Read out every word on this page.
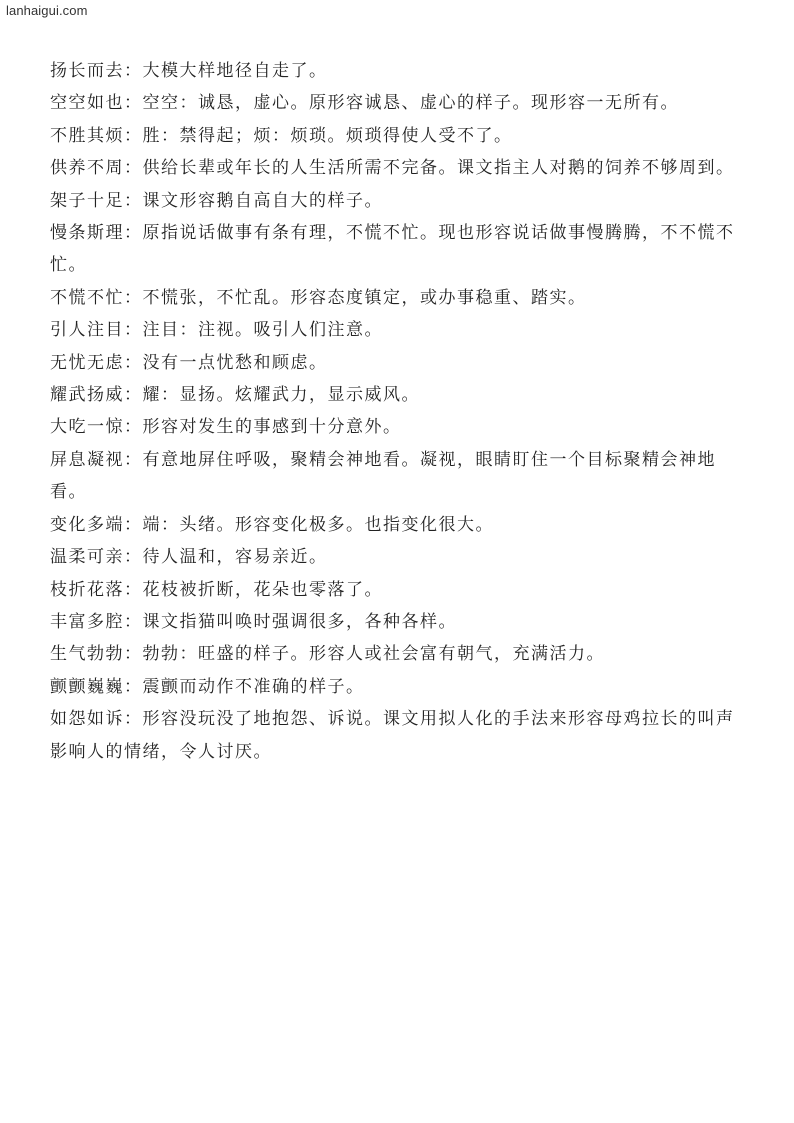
lanhaigui.com
扬长而去：大模大样地径自走了。
空空如也：空空：诚恳，虚心。原形容诚恳、虚心的样子。现形容一无所有。
不胜其烦：胜：禁得起；烦：烦琐。烦琐得使人受不了。
供养不周：供给长辈或年长的人生活所需不完备。课文指主人对鹅的饲养不够周到。
架子十足：课文形容鹅自高自大的样子。
慢条斯理：原指说话做事有条有理，不慌不忙。现也形容说话做事慢腾腾，不不慌不忙。
不慌不忙：不慌张，不忙乱。形容态度镇定，或办事稳重、踏实。
引人注目：注目：注视。吸引人们注意。
无忧无虑：没有一点忧愁和顾虑。
耀武扬威：耀：显扬。炫耀武力，显示威风。
大吃一惊：形容对发生的事感到十分意外。
屏息凝视：有意地屏住呼吸，聚精会神地看。凝视，眼睛盯住一个目标聚精会神地看。
变化多端：端：头绪。形容变化极多。也指变化很大。
温柔可亲：待人温和，容易亲近。
枝折花落：花枝被折断，花朵也零落了。
丰富多腔：课文指猫叫唤时强调很多，各种各样。
生气勃勃：勃勃：旺盛的样子。形容人或社会富有朝气，充满活力。
颤颤巍巍：震颤而动作不准确的样子。
如怨如诉：形容没玩没了地抱怨、诉说。课文用拟人化的手法来形容母鸡拉长的叫声影响人的情绪，令人讨厌。
